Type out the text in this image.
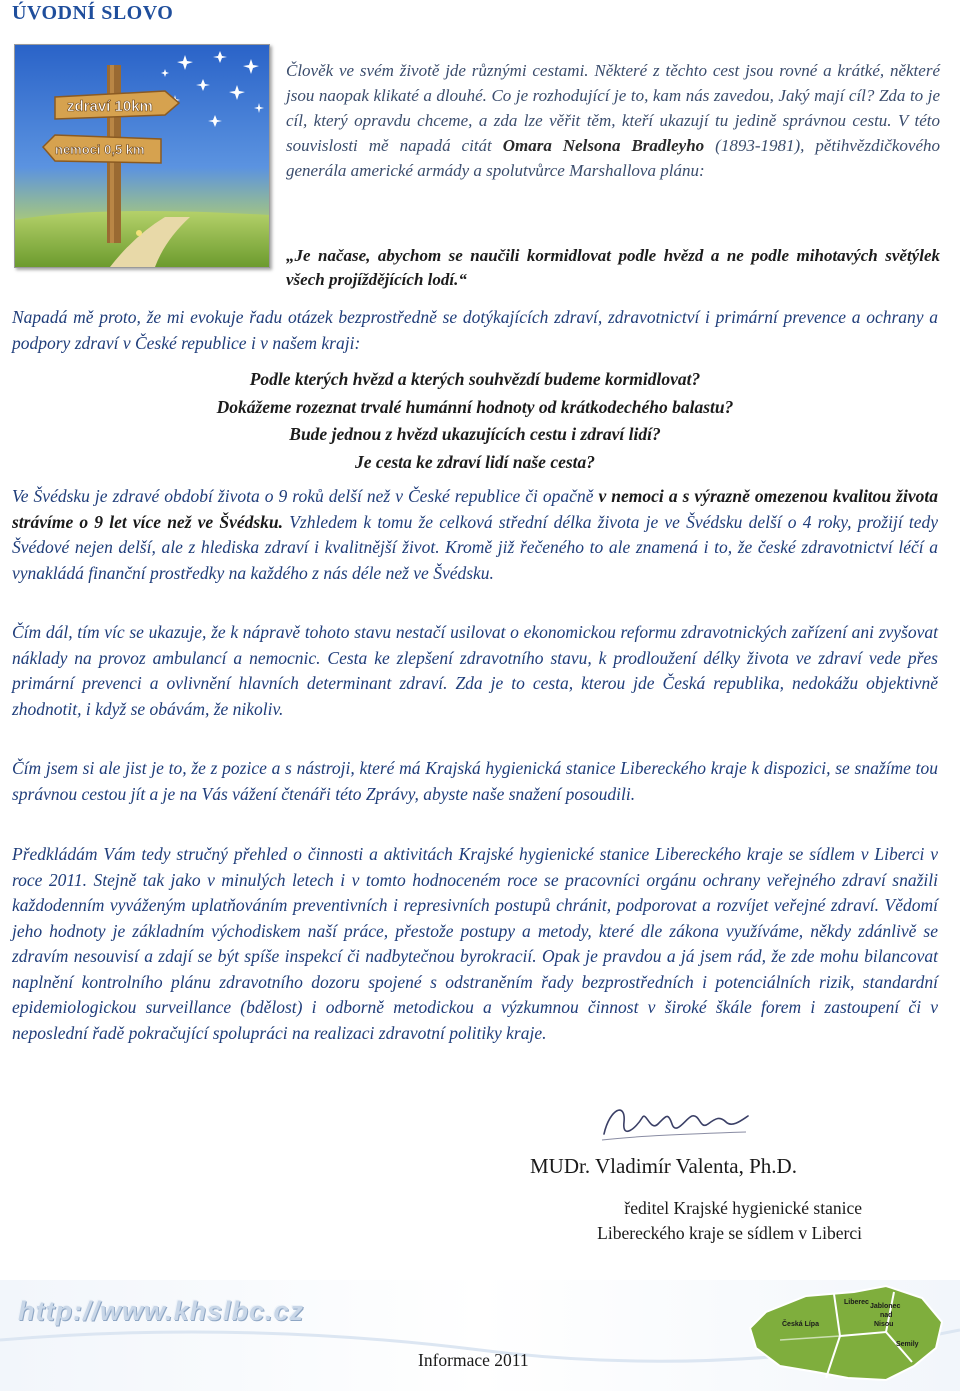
ÚVODNÍ SLOVO
zdraví 10km
nemoci 0,5 km
Člověk ve svém životě jde různými cestami. Některé z těchto cest jsou rovné a krátké, některé jsou naopak klikaté a dlouhé. Co je rozhodující je to, kam nás zavedou, Jaký mají cíl? Zda to je cíl, který opravdu chceme, a zda lze věřit těm, kteří ukazují tu jedině správnou cestu. V této souvislosti mě napadá citát Omara Nelsona Bradleyho (1893-1981), pětihvězdičkového generála americké armády a spolutvůrce Marshallova plánu:
„Je načase, abychom se naučili kormidlovat podle hvězd a ne podle mihotavých světýlek všech projíždějících lodí.“
Napadá mě proto, že mi evokuje řadu otázek bezprostředně se dotýkajících zdraví, zdravotnictví i primární prevence a ochrany a podpory zdraví v České republice i v našem kraji:
Podle kterých hvězd a kterých souhvězdí budeme kormidlovat?
Dokážeme rozeznat trvalé humánní hodnoty od krátkodechého balastu?
Bude jednou z hvězd ukazujících cestu i zdraví lidí?
Je cesta ke zdraví lidí naše cesta?
Ve Švédsku je zdravé období života o 9 roků delší než v České republice či opačně v nemoci a s výrazně omezenou kvalitou života strávíme o 9 let více než ve Švédsku. Vzhledem k tomu že celková střední délka života je ve Švédsku delší o 4 roky, prožijí tedy Švédové nejen delší, ale z hlediska zdraví i kvalitnější život. Kromě již řečeného to ale znamená i to, že české zdravotnictví léčí a vynakládá finanční prostředky na každého z nás déle než ve Švédsku.
Čím dál, tím víc se ukazuje, že k nápravě tohoto stavu nestačí usilovat o ekonomickou reformu zdravotnických zařízení ani zvyšovat náklady na provoz ambulancí a nemocnic. Cesta ke zlepšení zdravotního stavu, k prodloužení délky života ve zdraví vede přes primární prevenci a ovlivnění hlavních determinant zdraví. Zda je to cesta, kterou jde Česká republika, nedokážu objektivně zhodnotit, i když se obávám, že nikoliv.
Čím jsem si ale jist je to, že z pozice a s nástroji, které má Krajská hygienická stanice Libereckého kraje k dispozici, se snažíme tou správnou cestou jít a je na Vás vážení čtenáři této Zprávy, abyste naše snažení posoudili.
Předkládám Vám tedy stručný přehled o činnosti a aktivitách Krajské hygienické stanice Libereckého kraje se sídlem v Liberci v roce 2011. Stejně tak jako v minulých letech i v tomto hodnoceném roce se pracovníci orgánu ochrany veřejného zdraví snažili každodenním vyváženým uplatňováním preventivních i represivních postupů chránit, podporovat a rozvíjet veřejné zdraví. Vědomí jeho hodnoty je základním východiskem naší práce, přestože postupy a metody, které dle zákona využíváme, někdy zdánlivě se zdravím nesouvisí a zdají se být spíše inspekcí či nadbytečnou byrokracií. Opak je pravdou a já jsem rád, že zde mohu bilancovat naplnění kontrolního plánu zdravotního dozoru spojené s odstraněním řady bezprostředních i potenciálních rizik, standardní epidemiologickou surveillance (bdělost) i odborně metodickou a výzkumnou činnost v široké škále forem i zastoupení či v neposlední řadě pokračující spolupráci na realizaci zdravotní politiky kraje.
MUDr. Vladimír Valenta, Ph.D.
ředitel Krajské hygienické stanice
Libereckého kraje se sídlem v Liberci
http://www.khslbc.cz
Informace 2011
Liberec
Jablonec nad Nisou
Česká Lípa
Semily
